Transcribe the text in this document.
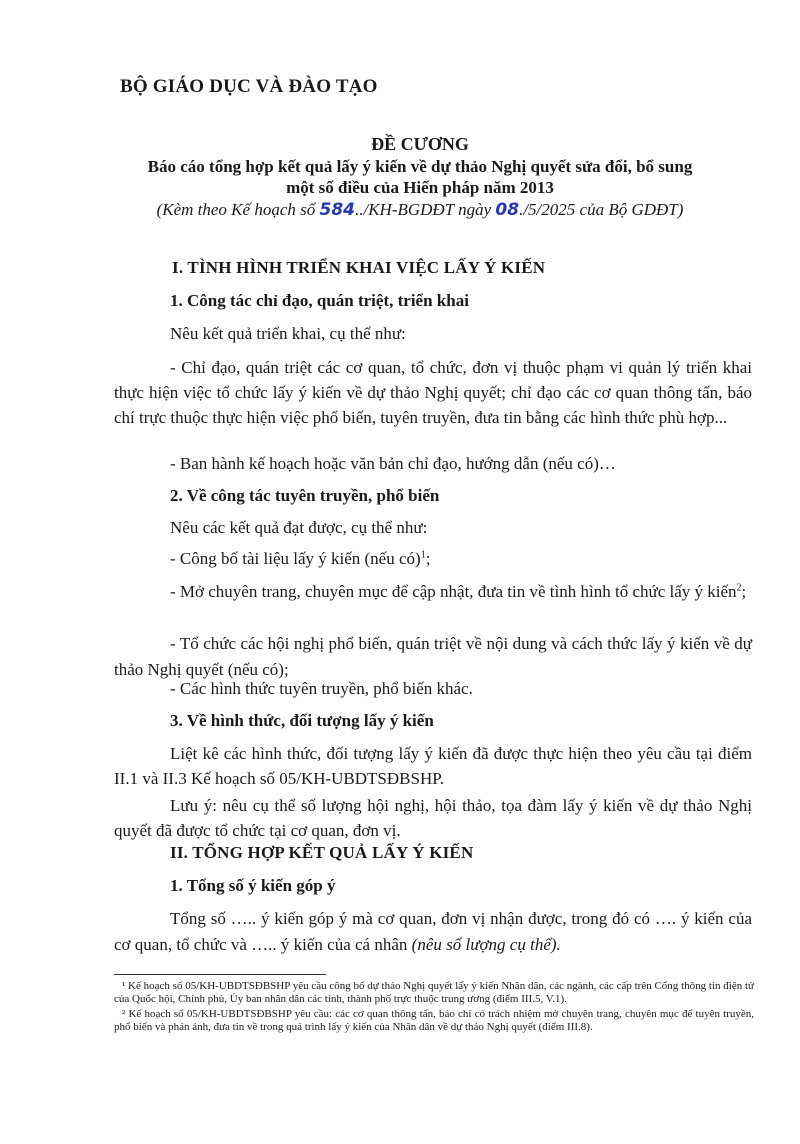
BỘ GIÁO DỤC VÀ ĐÀO TẠO
ĐỀ CƯƠNG
Báo cáo tổng hợp kết quả lấy ý kiến về dự thảo Nghị quyết sửa đổi, bổ sung
một số điều của Hiến pháp năm 2013
(Kèm theo Kế hoạch số 584../KH-BGDĐT ngày 08./5/2025 của Bộ GDĐT)
I. TÌNH HÌNH TRIỂN KHAI VIỆC LẤY Ý KIẾN
1. Công tác chỉ đạo, quán triệt, triển khai
Nêu kết quả triển khai, cụ thể như:
- Chỉ đạo, quán triệt các cơ quan, tổ chức, đơn vị thuộc phạm vi quản lý triển khai thực hiện việc tổ chức lấy ý kiến về dự thảo Nghị quyết; chỉ đạo các cơ quan thông tấn, báo chí trực thuộc thực hiện việc phổ biến, tuyên truyền, đưa tin bằng các hình thức phù hợp...
- Ban hành kế hoạch hoặc văn bản chỉ đạo, hướng dẫn (nếu có)…
2. Về công tác tuyên truyền, phổ biến
Nêu các kết quả đạt được, cụ thể như:
- Công bố tài liệu lấy ý kiến (nếu có)$^1$;
- Mở chuyên trang, chuyên mục để cập nhật, đưa tin về tình hình tổ chức lấy ý kiến$^2$;
- Tổ chức các hội nghị phổ biến, quán triệt về nội dung và cách thức lấy ý kiến về dự thảo Nghị quyết (nếu có);
- Các hình thức tuyên truyền, phổ biến khác.
3. Về hình thức, đối tượng lấy ý kiến
Liệt kê các hình thức, đối tượng lấy ý kiến đã được thực hiện theo yêu cầu tại điểm II.1 và II.3 Kế hoạch số 05/KH-UBDTSĐBSHP.
Lưu ý: nêu cụ thể số lượng hội nghị, hội thảo, tọa đàm lấy ý kiến về dự thảo Nghị quyết đã được tổ chức tại cơ quan, đơn vị.
II. TỔNG HỢP KẾT QUẢ LẤY Ý KIẾN
1. Tổng số ý kiến góp ý
Tổng số ….. ý kiến góp ý mà cơ quan, đơn vị nhận được, trong đó có …. ý kiến của cơ quan, tổ chức và ….. ý kiến của cá nhân (nêu số lượng cụ thể).

¹ Kế hoạch số 05/KH-UBDTSĐBSHP yêu cầu công bố dự thảo Nghị quyết lấy ý kiến Nhân dân, các ngành, các cấp trên Cổng thông tin điện tử của Quốc hội, Chính phủ, Ủy ban nhân dân các tỉnh, thành phố trực thuộc trung ương (điểm III.5, V.1).

² Kế hoạch số 05/KH-UBDTSĐBSHP yêu cầu: các cơ quan thông tấn, báo chí có trách nhiệm mở chuyên trang, chuyên mục để tuyên truyền, phổ biến và phản ánh, đưa tin về trong quá trình lấy ý kiến của Nhân dân về dự thảo Nghị quyết (điểm III.8).
